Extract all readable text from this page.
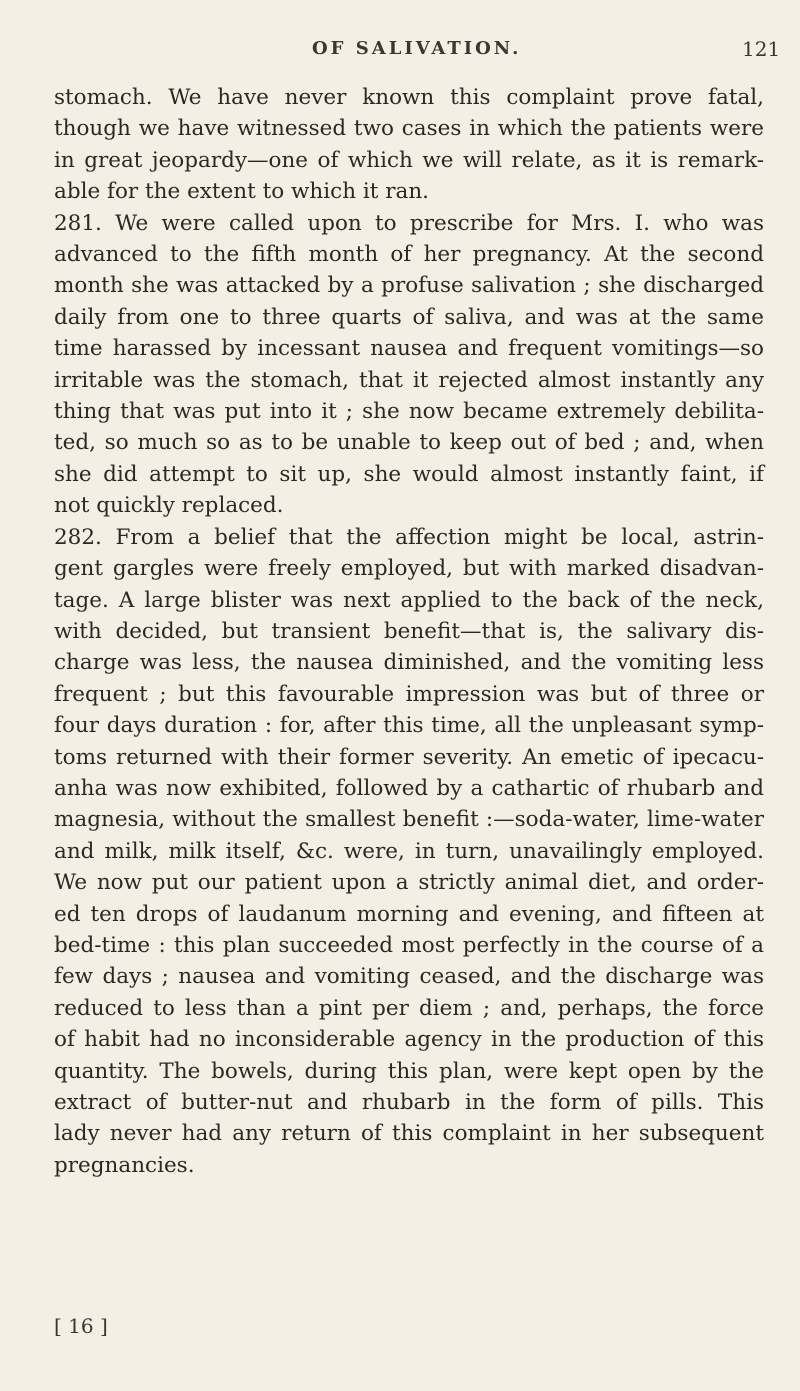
OF SALIVATION.	121
stomach. We have never known this complaint prove fatal,
though we have witnessed two cases in which the patients were
in great jeopardy—one of which we will relate, as it is remark-
able for the extent to which it ran.
281. We were called upon to prescribe for Mrs. I. who was
advanced to the fifth month of her pregnancy. At the second
month she was attacked by a profuse salivation ; she discharged
daily from one to three quarts of saliva, and was at the same
time harassed by incessant nausea and frequent vomitings—so
irritable was the stomach, that it rejected almost instantly any
thing that was put into it ; she now became extremely debilita-
ted, so much so as to be unable to keep out of bed ; and, when
she did attempt to sit up, she would almost instantly faint, if
not quickly replaced.
282. From a belief that the affection might be local, astrin-
gent gargles were freely employed, but with marked disadvan-
tage. A large blister was next applied to the back of the neck,
with decided, but transient benefit—that is, the salivary dis-
charge was less, the nausea diminished, and the vomiting less
frequent ; but this favourable impression was but of three or
four days duration : for, after this time, all the unpleasant symp-
toms returned with their former severity. An emetic of ipecacu-
anha was now exhibited, followed by a cathartic of rhubarb and
magnesia, without the smallest benefit :—soda-water, lime-water
and milk, milk itself, &c. were, in turn, unavailingly employed.
We now put our patient upon a strictly animal diet, and order-
ed ten drops of laudanum morning and evening, and fifteen at
bed-time : this plan succeeded most perfectly in the course of a
few days ; nausea and vomiting ceased, and the discharge was
reduced to less than a pint per diem ; and, perhaps, the force
of habit had no inconsiderable agency in the production of this
quantity. The bowels, during this plan, were kept open by the
extract of butter-nut and rhubarb in the form of pills. This
lady never had any return of this complaint in her subsequent
pregnancies.
[ 16 ]
